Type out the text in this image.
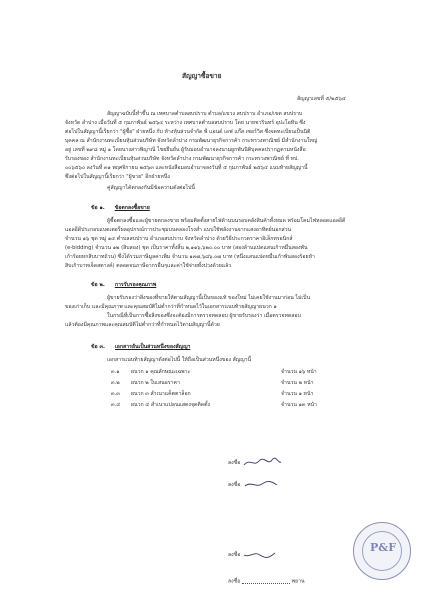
สัญญาซื้อขาย
สัญญาเลขที่ ๕/๒๕๖๔
สัญญาฉบับนี้ทำขึ้น ณ เทศบาลตำบลสบปราบ ตำบล/แขวง สบปราบ อำเภอ/เขต สบปราบ
จังหวัด ลำปาง เมื่อวันที่ ๕ กุมภาพันธ์ ๒๕๖๔ ระหว่าง เทศบาลตำบลสบปราบ โดย นายชวรินทร์ อุปะโอทิน ซึ่ง
ต่อไปในสัญญานี้เรียกว่า "ผู้ซื้อ" ฝ่ายหนึ่ง กับ ห้างหุ้นส่วนจำกัด พี แอนด์ เอฟ แก๊ส เซอร์วิส ซึ่งจดทะเบียนเป็นนิติ
บุคคล ณ สำนักงานทะเบียนหุ้นส่วนบริษัท จังหวัดลำปาง กรมพัฒนาธุรกิจการค้า กระทรวงพาณิชย์ มีสำนักงานใหญ่
อยู่ เลขที่ ๒๙๘ หมู่ ๑ โดยนางสาวพิญาณี ไชยยืนยั่น ผู้รับมอบอำนาจลงนามผูกพันนิติบุคคลปรากฏตามหนังสือ
รับรองของ สำนักงานทะเบียนหุ้นส่วนบริษัท จังหวัดลำปาง กรมพัฒนาธุรกิจการค้า กระทรวงพาณิชย์ ที่ ทป.
๐๐๖๕๖๐ ลงวันที่ ๓๑ พฤศจิกายน ๒๕๖๓ และหนังสือมอบอำนาจลงวันที่ ๕ กุมภาพันธ์ ๒๕๖๔ แนบท้ายสัญญานี้
ซึ่งต่อไปในสัญญานี้เรียกว่า "ผู้ขาย" อีกฝ่ายหนึ่ง
คู่สัญญาได้ตกลงกันมีข้อความดังต่อไปนี้
ข้อ ๑. ข้อตกลงซื้อขาย
ผู้ซื้อตกลงซื้อและผู้ขายตกลงขาย พร้อมติดตั้งสายไฟด้านบนรอบคลังสินค้าทั้งหมด พร้อมโคมไฟหลอดแอลอีดี
แอลอีดีประกอบแบตเตอรี่ผลอุปกรณ์การประชุมบนคลองโรงส่ำ แบบใช้พลังงานจากแสงอาทิตย์นอกส่วน
จำนวน ๑๖ ชุด หมู่ ๑๔ ตำบลสบปราบ อำเภอสบปราบ จังหวัดลำปาง ด้วยวิธีประกวดราคาอิเล็กทรอนิกส์
(e-bidding) จำนวน ๑๒ (สิบสอง) ชุด เป็นราคาทั้งสิ้น ๒,๑๑๖,๖๒๐.๐๐ บาท (สองล้านแปดแสนเก้าหมื่นสองพัน
เก้าร้อยหกสิบบาทถ้วน) ซึ่งได้รวมภาษีมูลค่าเพิ่ม จำนวน ๑๓๗,๖๘๖.๐๗ บาท (หนึ่งแสนแปดหมื่นเก้าพันสองร้อยห้า
สิบเก้าบาทเจ็ดสตางค์) ตลอดจนภาษีอากรอื่นๆและค่าใช้จ่ายทั้งปวงด้วยแล้ว
ข้อ ๒. การรับรองคุณภาพ
ผู้ขายรับรองว่าสิ่งของที่ขายให้ตามสัญญานี้เป็นของแท้ ของใหม่ ไม่เคยใช้งานมาก่อน ไม่เป็น
ของเก่าเก็บ และมีคุณภาพ และคุณสมบัติไม่ต่ำกว่าที่กำหนดไว้ในเอกสารแนบท้ายสัญญาผนวก ๑
ในกรณีที่เป็นการซื้อสิ่งของซึ่งจะต้องมีการตรวจทดสอบ ผู้ขายรับรองว่า เมื่อตรวจทดสอบ
แล้วต้องมีคุณภาพและคุณสมบัติไม่ต่ำกว่าที่กำหนดไว้ตามสัญญานี้ด้วย
ข้อ ๓. เอกสารอันเป็นส่วนหนึ่งของสัญญา
เอกสารแนบท้ายสัญญาดังต่อไปนี้ ให้ถือเป็นส่วนหนึ่งของ สัญญานี้
๓.๑ ผนวก ๑ คุณลักษณะเฉพาะ	จำนวน ๑๖ หน้า
๓.๒ ผนวก ๒ ใบเสนอราคา	จำนวน ๒ หน้า
๓.๓ ผนวก ๓ สำเนาแค็ตตาล็อก	จำนวน ๑ หน้า
๓.๔ ผนวก ๔ สำเนาแปลนแสดงจุดติดตั้ง	จำนวน ๑๓ หน้า
ลงชื่อ
ลงชื่อ
ลงชื่อ
ลงชื่อ	พยาน
P&F
